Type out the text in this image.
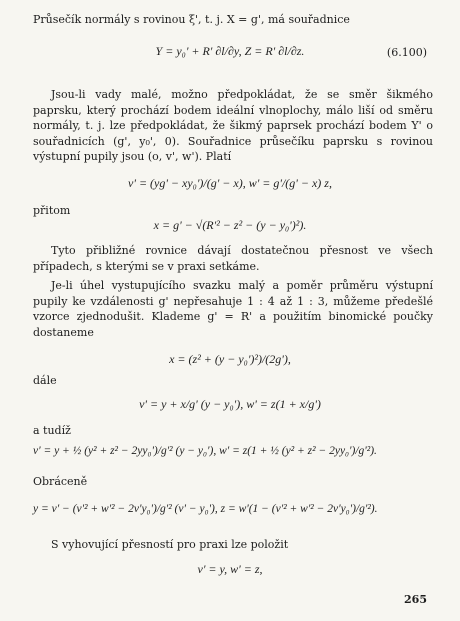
Průsečík normály s rovinou ξ', t. j. X = g', má souřadnice
Y = y₀' + R' ∂l/∂y, Z = R' ∂l/∂z.	(6.100)
Jsou-li vady malé, možno předpokládat, že se směr šikmého paprsku, který prochází bodem ideální vlnoplochy, málo liší od směru normály, t. j. lze předpokládat, že šikmý paprsek prochází bodem Y' o souřadnicích (g', y₀', 0). Souřadnice průsečíku paprsku s rovinou výstupní pupily jsou (o, v', w'). Platí
v' = (yg' − xy₀')/(g' − x), w' = g'/(g' − x) z,
přitom
x = g' − √(R'² − z² − (y − y₀')²).
Tyto přibližné rovnice dávají dostatečnou přesnost ve všech případech, s kterými se v praxi setkáme.
Je-li úhel vystupujícího svazku malý a poměr průměru výstupní pupily ke vzdálenosti g' nepřesahuje 1 : 4 až 1 : 3, můžeme předešlé vzorce zjednodušit. Klademe g' = R' a použitím binomické poučky dostaneme
x = (z² + (y − y₀')²)/(2g'),
dále
v' = y + x/g' (y − y₀'), w' = z(1 + x/g')
a tudíž
v' = y + ½ (y² + z² − 2yy₀')/g'² (y − y₀'), w' = z(1 + ½ (y² + z² − 2yy₀')/g'²).
Obráceně
y = v' − (v'² + w'² − 2v'y₀')/g'² (v' − y₀'), z = w'(1 − (v'² + w'² − 2v'y₀')/g'²).
S vyhovující přesností pro praxi lze položit
v' = y, w' = z,
265
